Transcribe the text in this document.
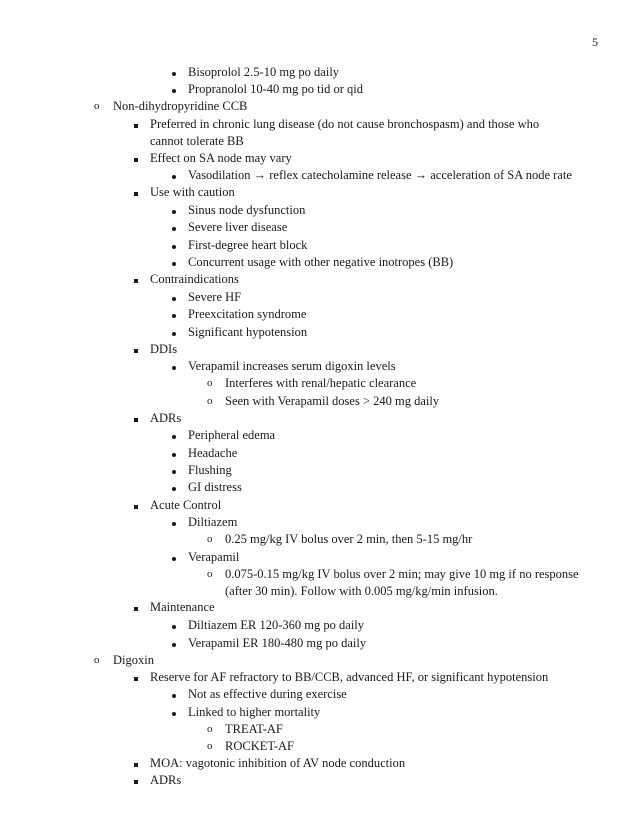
5
Bisoprolol 2.5-10 mg po daily
Propranolol 10-40 mg po tid or qid
o Non-dihydropyridine CCB
Preferred in chronic lung disease (do not cause bronchospasm) and those who
cannot tolerate BB
Effect on SA node may vary
Vasodilation → reflex catecholamine release → acceleration of SA node rate
Use with caution
Sinus node dysfunction
Severe liver disease
First-degree heart block
Concurrent usage with other negative inotropes (BB)
Contraindications
Severe HF
Preexcitation syndrome
Significant hypotension
DDIs
Verapamil increases serum digoxin levels
o Interferes with renal/hepatic clearance
o Seen with Verapamil doses > 240 mg daily
ADRs
Peripheral edema
Headache
Flushing
GI distress
Acute Control
Diltiazem
o 0.25 mg/kg IV bolus over 2 min, then 5-15 mg/hr
Verapamil
o 0.075-0.15 mg/kg IV bolus over 2 min; may give 10 mg if no response
(after 30 min). Follow with 0.005 mg/kg/min infusion.
Maintenance
Diltiazem ER 120-360 mg po daily
Verapamil ER 180-480 mg po daily
o Digoxin
Reserve for AF refractory to BB/CCB, advanced HF, or significant hypotension
Not as effective during exercise
Linked to higher mortality
o TREAT-AF
o ROCKET-AF
MOA: vagotonic inhibition of AV node conduction
ADRs
